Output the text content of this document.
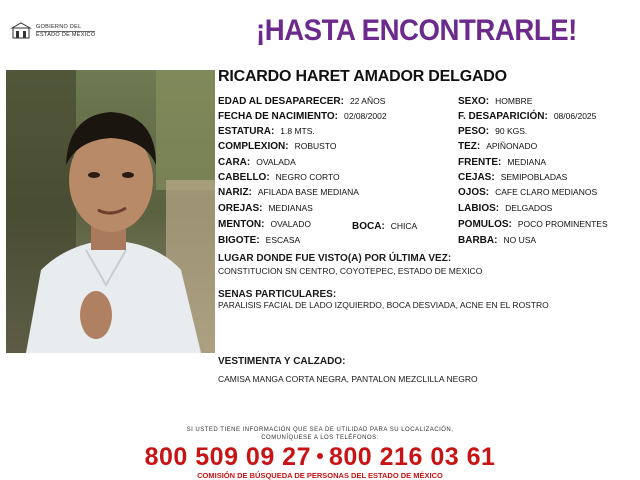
GOBIERNO DEL
ESTADO DE MÉXICO	¡HASTA ENCONTRARLE!
RICARDO HARET AMADOR DELGADO
EDAD AL DESAPARECER: 22 AÑOS
FECHA DE NACIMIENTO: 02/08/2002
ESTATURA: 1.8 MTS.
COMPLEXION: ROBUSTO
CARA: OVALADA
CABELLO: NEGRO CORTO
NARIZ: AFILADA BASE MEDIANA
OREJAS: MEDIANAS
MENTON: OVALADO	BOCA: CHICA
BIGOTE: ESCASA
SEXO: HOMBRE
F. DESAPARICIÓN: 08/06/2025
PESO: 90 KGS.
TEZ: APIÑONADO
FRENTE: MEDIANA
CEJAS: SEMIPOBLADAS
OJOS: CAFE CLARO MEDIANOS
LABIOS: DELGADOS
POMULOS: POCO PROMINENTES
BARBA: NO USA
LUGAR DONDE FUE VISTO(A) POR ÚLTIMA VEZ:
CONSTITUCION SN CENTRO, COYOTEPEC, ESTADO DE MEXICO
SENAS PARTICULARES:
PARALISIS FACIAL DE LADO IZQUIERDO, BOCA DESVIADA, ACNE EN EL ROSTRO
VESTIMENTA Y CALZADO:
CAMISA MANGA CORTA NEGRA, PANTALON MEZCLILLA NEGRO
SI USTED TIENE INFORMACIÓN QUE SEA DE UTILIDAD PARA SU LOCALIZACIÓN,
COMUNÍQUESE A LOS TELÉFONOS:
800 509 09 27 800 216 03 61
COMISIÓN DE BÚSQUEDA DE PERSONAS DEL ESTADO DE MÉXICO
